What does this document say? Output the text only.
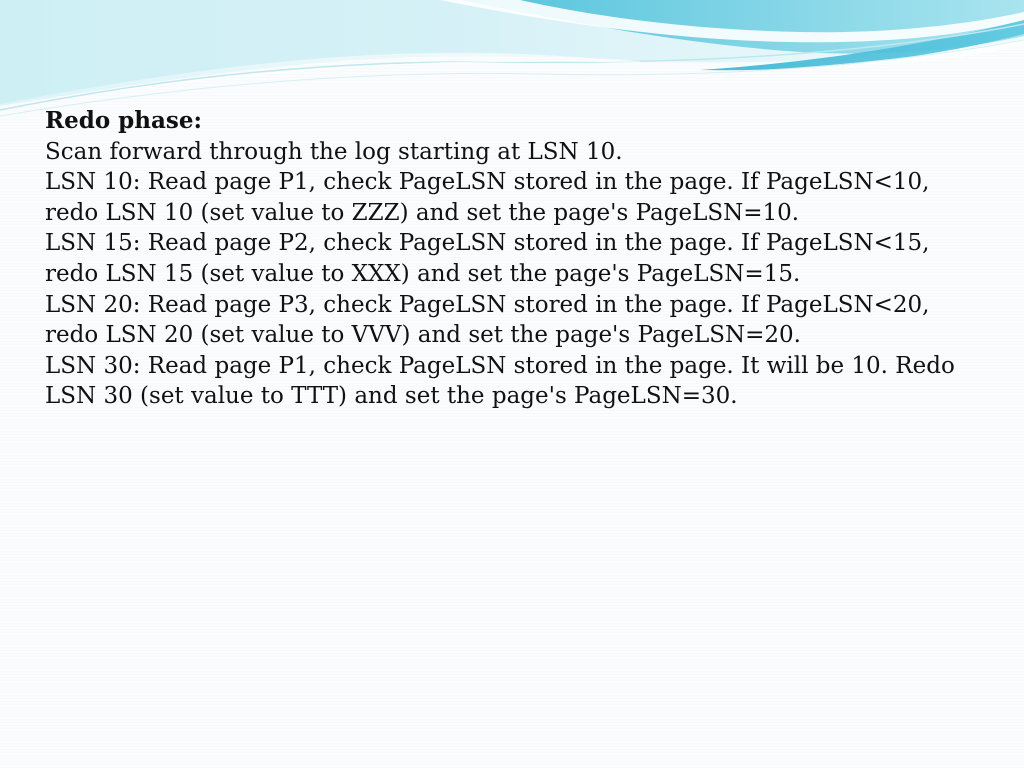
Redo phase:

Scan forward through the log starting at LSN 10.

LSN 10: Read page P1, check PageLSN stored in the page. If PageLSN<10, redo LSN 10 (set value to ZZZ) and set the page's PageLSN=10.

LSN 15: Read page P2, check PageLSN stored in the page. If PageLSN<15, redo LSN 15 (set value to XXX) and set the page's PageLSN=15.

LSN 20: Read page P3, check PageLSN stored in the page. If PageLSN<20, redo LSN 20 (set value to VVV) and set the page's PageLSN=20.

LSN 30: Read page P1, check PageLSN stored in the page. It will be 10. Redo LSN 30 (set value to TTT) and set the page's PageLSN=30.
